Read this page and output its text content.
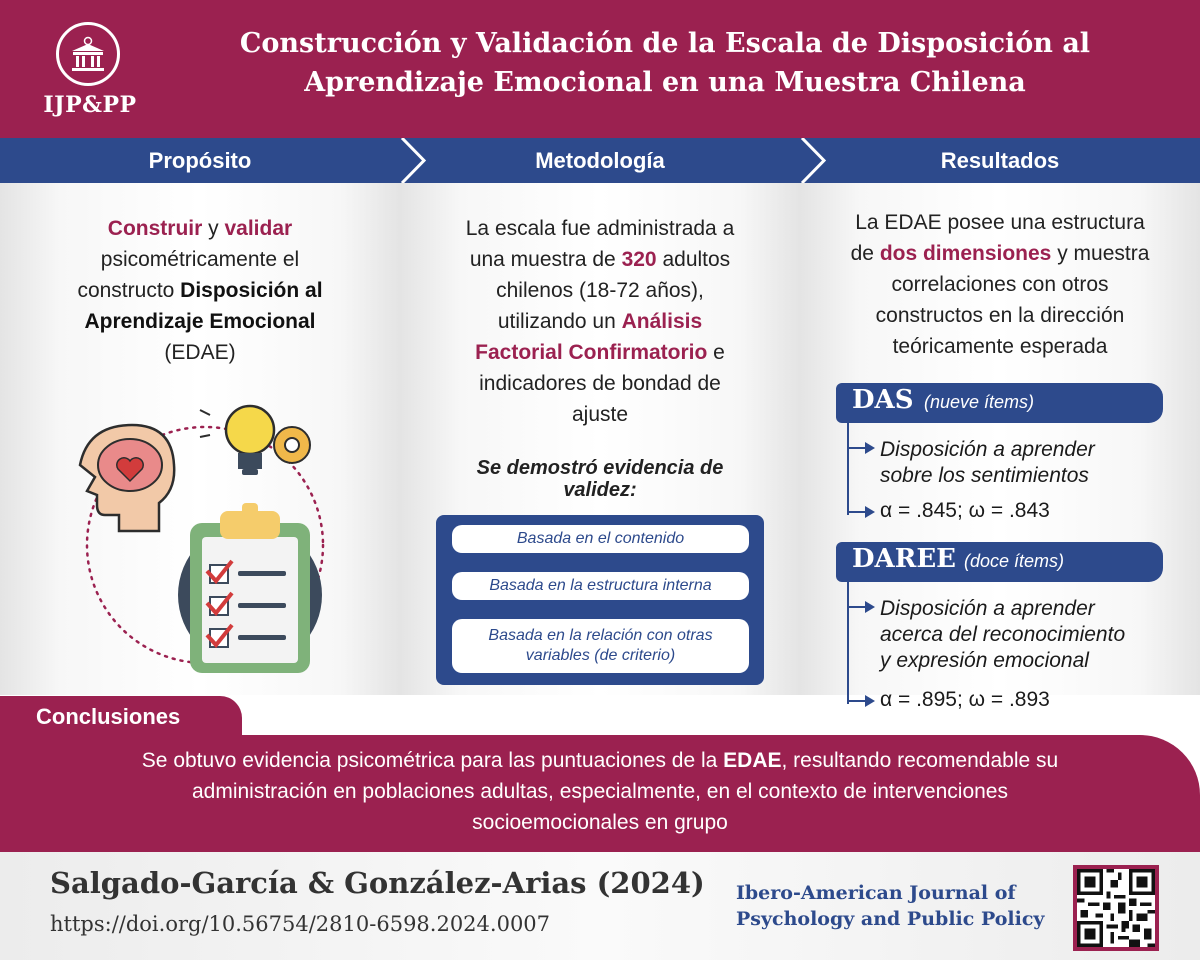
IJP&PP
Construcción y Validación de la Escala de Disposición al
Aprendizaje Emocional en una Muestra Chilena
Propósito	Metodología	Resultados
Construir y validar
psicométricamente el
constructo Disposición al
Aprendizaje Emocional
(EDAE)
La escala fue administrada a
una muestra de 320 adultos
chilenos (18-72 años),
utilizando un Análisis
Factorial Confirmatorio e
indicadores de bondad de
ajuste
Se demostró evidencia de
validez:
Basada en el contenido
Basada en la estructura interna
Basada en la relación con otras
variables (de criterio)
La EDAE posee una estructura
de dos dimensiones y muestra
correlaciones con otros
constructos en la dirección
teóricamente esperada
DAS (nueve ítems)
Disposición a aprender
sobre los sentimientos
α = .845; ω = .843
DAREE (doce ítems)
Disposición a aprender
acerca del reconocimiento
y expresión emocional
α = .895; ω = .893
Conclusiones
Se obtuvo evidencia psicométrica para las puntuaciones de la EDAE, resultando recomendable su
administración en poblaciones adultas, especialmente, en el contexto de intervenciones
socioemocionales en grupo
Salgado-García & González-Arias (2024)
https://doi.org/10.56754/2810-6598.2024.0007
Ibero-American Journal of
Psychology and Public Policy
